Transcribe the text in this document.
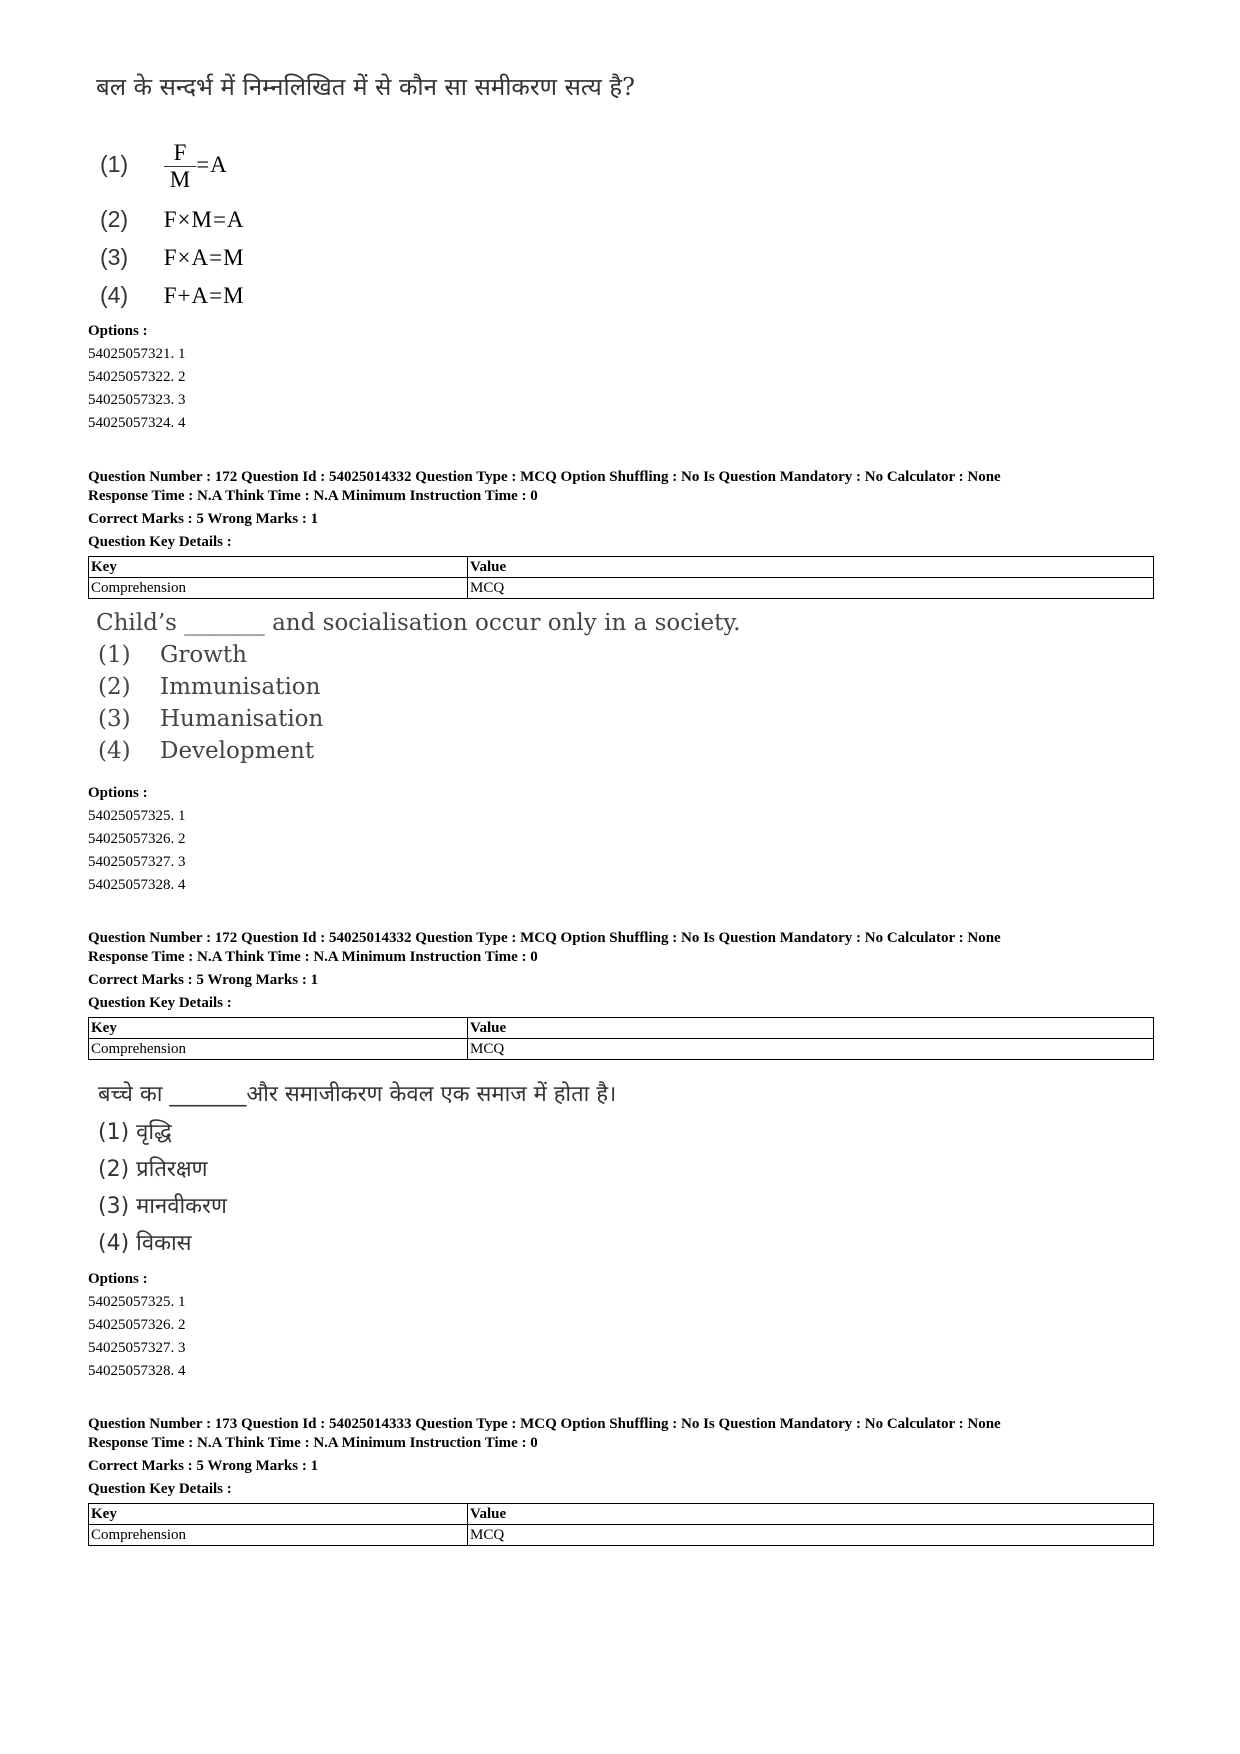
बल के सन्दर्भ में निम्नलिखित में से कौन सा समीकरण सत्य है?
$(1) \frac{F}{M} =A$
(2) F×M=A
(3) F×A=M
(4) F+A=M
Options :
54025057321. 1
54025057322. 2
54025057323. 3
54025057324. 4
Question Number : 172 Question Id : 54025014332 Question Type : MCQ Option Shuffling : No Is Question Mandatory : No Calculator : None
Response Time : N.A Think Time : N.A Minimum Instruction Time : 0
Correct Marks : 5 Wrong Marks : 1
Question Key Details :
Key	Value
Comprehension	MCQ
Child’s _______ and socialisation occur only in a society.
(1) Growth
(2) Immunisation
(3) Humanisation
(4) Development
Options :
54025057325. 1
54025057326. 2
54025057327. 3
54025057328. 4
Question Number : 172 Question Id : 54025014332 Question Type : MCQ Option Shuffling : No Is Question Mandatory : No Calculator : None
Response Time : N.A Think Time : N.A Minimum Instruction Time : 0
Correct Marks : 5 Wrong Marks : 1
Question Key Details :
Key	Value
Comprehension	MCQ
बच्चे का _______और समाजीकरण केवल एक समाज में होता है।
(1) वृद्धि
(2) प्रतिरक्षण
(3) मानवीकरण
(4) विकास
Options :
54025057325. 1
54025057326. 2
54025057327. 3
54025057328. 4
Question Number : 173 Question Id : 54025014333 Question Type : MCQ Option Shuffling : No Is Question Mandatory : No Calculator : None
Response Time : N.A Think Time : N.A Minimum Instruction Time : 0
Correct Marks : 5 Wrong Marks : 1
Question Key Details :
Key	Value
Comprehension	MCQ
